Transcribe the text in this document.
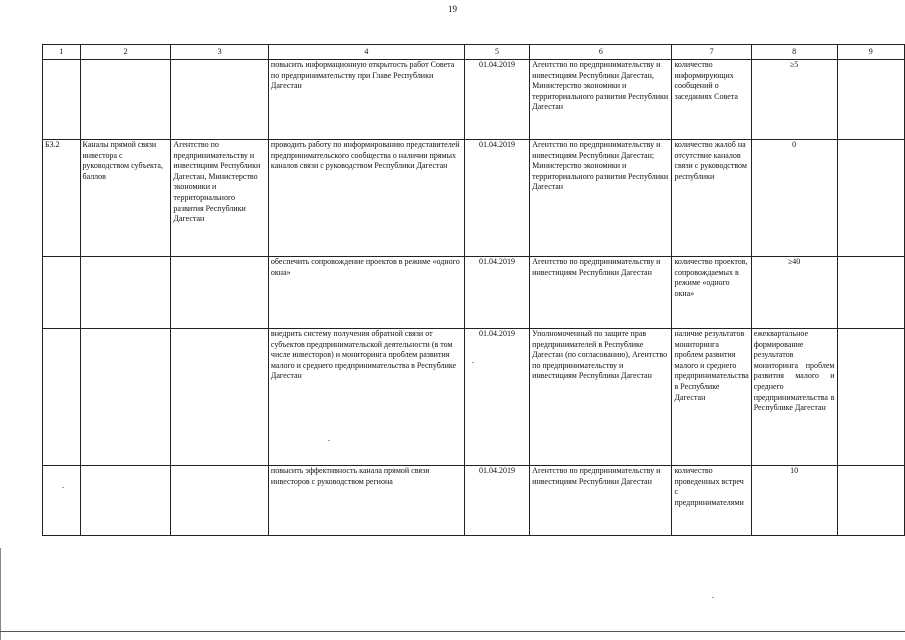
19
1	2	3	4	5	6	7	8	9
			повысить информационную открытость работ Совета по предпринимательству при Главе Республики Дагестан	01.04.2019	Агентство по предпринимательству и инвестициям Республики Дагестан, Министерство экономики и территориального развития Республики Дагестан	количество информирующих сообщений о заседаниях Совета	≥5	
Б3.2	Каналы прямой связи инвестора с руководством субъекта, баллов	Агентство по предпринимательству и инвестициям Республики Дагестан, Министерство экономики и территориального развития Республики Дагестан	проводить работу по информированию представителей предпринимательского сообщества о наличии прямых каналов связи с руководством Республики Дагестан	01.04.2019	Агентство по предпринимательству и инвестициям Республики Дагестан; Министерство экономики и территориального развития Республики Дагестан	количество жалоб на отсутствие каналов связи с руководством республики	0	
			обеспечить сопровождение проектов в режиме «одного окна»	01.04.2019	Агентство по предпринимательству и инвестициям Республики Дагестан	количество проектов, сопровождаемых в режиме «одного окна»	≥40	
			внедрить систему получения обратной связи от субъектов предпринимательской деятельности (в том числе инвесторов) и мониторинга проблем развития малого и среднего предпринимательства в Республике Дагестан	01.04.2019	Уполномоченный по защите прав предпринимателей в Республике Дагестан (по согласованию), Агентство по предпринимательству и инвестициям Республики Дагестан	наличие результатов мониторинга проблем развития малого и среднего предпринимательства в Республике Дагестан	ежеквартальное формирование результатов мониторинга проблем развития малого и среднего предпринимательства в Республике Дагестан	
			повысить эффективность канала прямой связи инвесторов с руководством региона	01.04.2019	Агентство по предпринимательству и инвестициям Республики Дагестан	количество проведенных встреч с предпринимателями	10	
